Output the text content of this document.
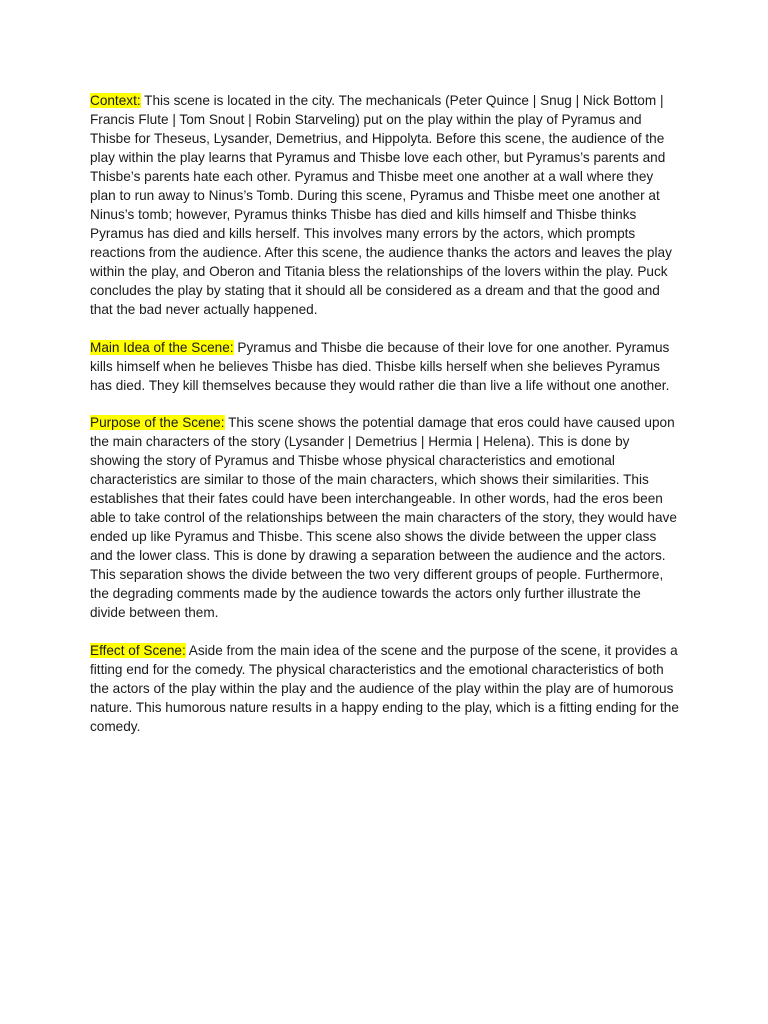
Context: This scene is located in the city. The mechanicals (Peter Quince | Snug | Nick Bottom | Francis Flute | Tom Snout | Robin Starveling) put on the play within the play of Pyramus and Thisbe for Theseus, Lysander, Demetrius, and Hippolyta. Before this scene, the audience of the play within the play learns that Pyramus and Thisbe love each other, but Pyramus’s parents and Thisbe’s parents hate each other. Pyramus and Thisbe meet one another at a wall where they plan to run away to Ninus’s Tomb. During this scene, Pyramus and Thisbe meet one another at Ninus’s tomb; however, Pyramus thinks Thisbe has died and kills himself and Thisbe thinks Pyramus has died and kills herself. This involves many errors by the actors, which prompts reactions from the audience. After this scene, the audience thanks the actors and leaves the play within the play, and Oberon and Titania bless the relationships of the lovers within the play. Puck concludes the play by stating that it should all be considered as a dream and that the good and that the bad never actually happened.

Main Idea of the Scene: Pyramus and Thisbe die because of their love for one another. Pyramus kills himself when he believes Thisbe has died. Thisbe kills herself when she believes Pyramus has died. They kill themselves because they would rather die than live a life without one another.

Purpose of the Scene: This scene shows the potential damage that eros could have caused upon the main characters of the story (Lysander | Demetrius | Hermia | Helena). This is done by showing the story of Pyramus and Thisbe whose physical characteristics and emotional characteristics are similar to those of the main characters, which shows their similarities. This establishes that their fates could have been interchangeable. In other words, had the eros been able to take control of the relationships between the main characters of the story, they would have ended up like Pyramus and Thisbe. This scene also shows the divide between the upper class and the lower class. This is done by drawing a separation between the audience and the actors. This separation shows the divide between the two very different groups of people. Furthermore, the degrading comments made by the audience towards the actors only further illustrate the divide between them.

Effect of Scene: Aside from the main idea of the scene and the purpose of the scene, it provides a fitting end for the comedy. The physical characteristics and the emotional characteristics of both the actors of the play within the play and the audience of the play within the play are of humorous nature. This humorous nature results in a happy ending to the play, which is a fitting ending for the comedy.
